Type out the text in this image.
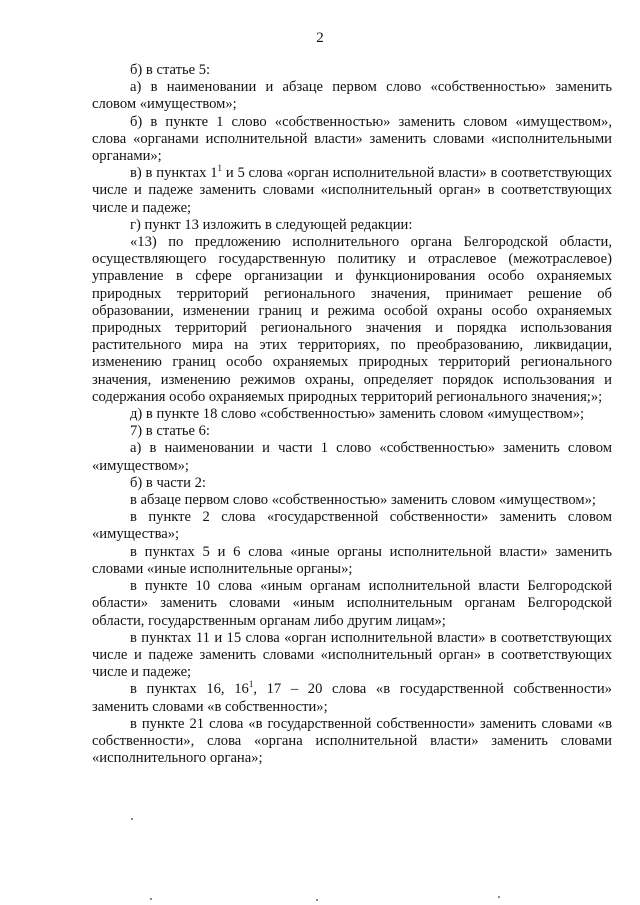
2

б) в статье 5:

а) в наименовании и абзаце первом слово «собственностью» заменить словом «имуществом»;

б) в пункте 1 слово «собственностью» заменить словом «имуществом», слова «органами исполнительной власти» заменить словами «исполнительными органами»;

в) в пунктах $1^1$ и 5 слова «орган исполнительной власти» в соответствующих числе и падеже заменить словами «исполнительный орган» в соответствующих числе и падеже;

г) пункт 13 изложить в следующей редакции:

«13) по предложению исполнительного органа Белгородской области, осуществляющего государственную политику и отраслевое (межотраслевое) управление в сфере организации и функционирования особо охраняемых природных территорий регионального значения, принимает решение об образовании, изменении границ и режима особой охраны особо охраняемых природных территорий регионального значения и порядка использования растительного мира на этих территориях, по преобразованию, ликвидации, изменению границ особо охраняемых природных территорий регионального значения, изменению режимов охраны, определяет порядок использования и содержания особо охраняемых природных территорий регионального значения;»;

д) в пункте 18 слово «собственностью» заменить словом «имуществом»;

7) в статье 6:

а) в наименовании и части 1 слово «собственностью» заменить словом «имуществом»;

б) в части 2:

в абзаце первом слово «собственностью» заменить словом «имуществом»;

в пункте 2 слова «государственной собственности» заменить словом «имущества»;

в пунктах 5 и 6 слова «иные органы исполнительной власти» заменить словами «иные исполнительные органы»;

в пункте 10 слова «иным органам исполнительной власти Белгородской области» заменить словами «иным исполнительным органам Белгородской области, государственным органам либо другим лицам»;

в пунктах 11 и 15 слова «орган исполнительной власти» в соответствующих числе и падеже заменить словами «исполнительный орган» в соответствующих числе и падеже;

в пунктах 16, $16^1$, 17 – 20 слова «в государственной собственности» заменить словами «в собственности»;

в пункте 21 слова «в государственной собственности» заменить словами «в собственности», слова «органа исполнительной власти» заменить словами «исполнительного органа»;
